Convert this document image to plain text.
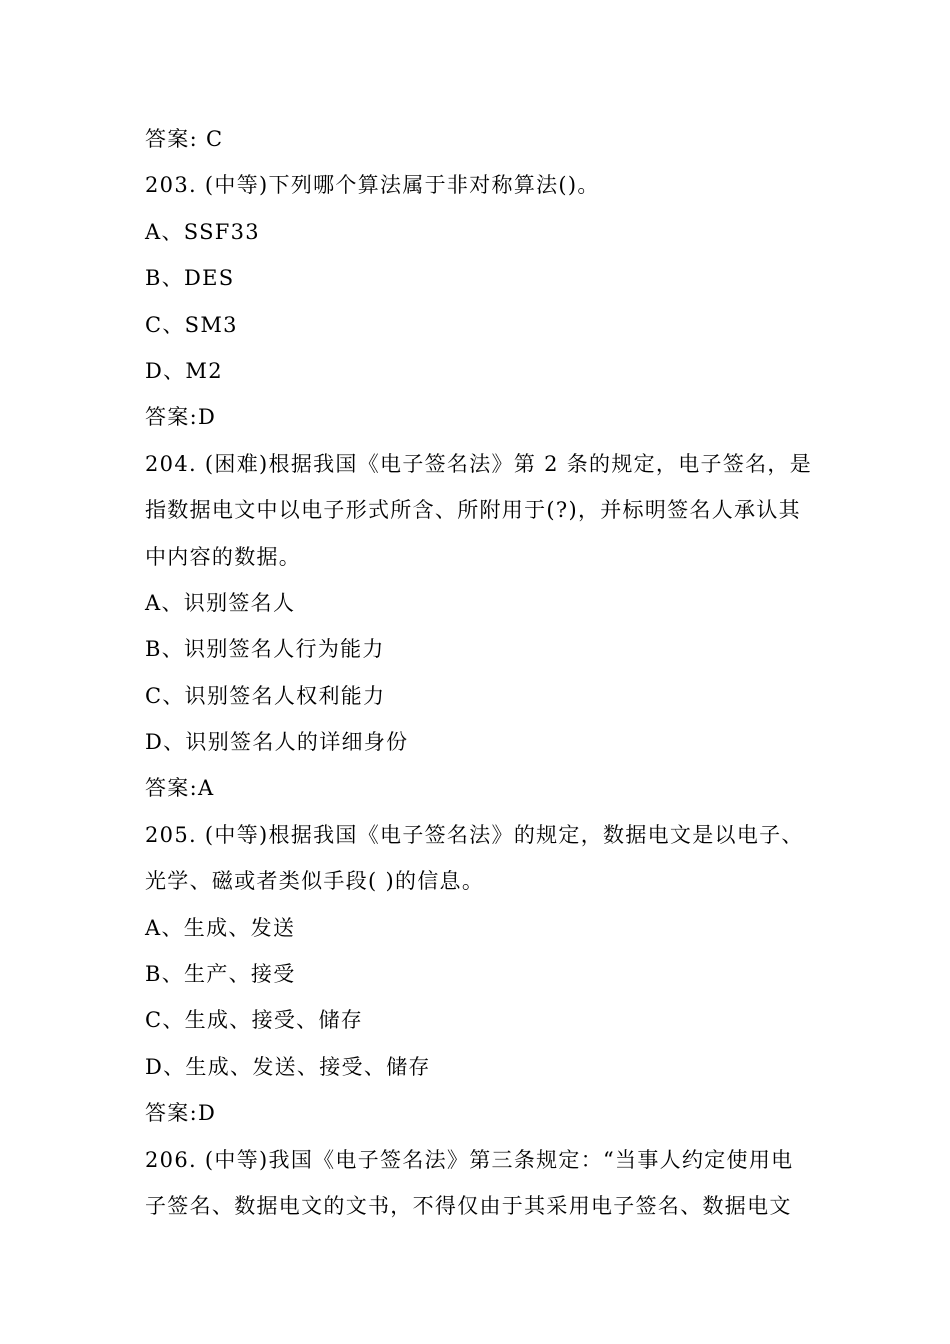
答案: C
203. (中等)下列哪个算法属于非对称算法()。
A、SSF33
B、DES
C、SM3
D、M2
答案:D
204. (困难)根据我国《电子签名法》第 2 条的规定，电子签名，是
指数据电文中以电子形式所含、所附用于(?)，并标明签名人承认其
中内容的数据。
A、识别签名人
B、识别签名人行为能力
C、识别签名人权利能力
D、识别签名人的详细身份
答案:A
205. (中等)根据我国《电子签名法》的规定，数据电文是以电子、
光学、磁或者类似手段( )的信息。
A、生成、发送
B、生产、接受
C、生成、接受、储存
D、生成、发送、接受、储存
答案:D
206. (中等)我国《电子签名法》第三条规定：“当事人约定使用电
子签名、数据电文的文书，不得仅由于其采用电子签名、数据电文
